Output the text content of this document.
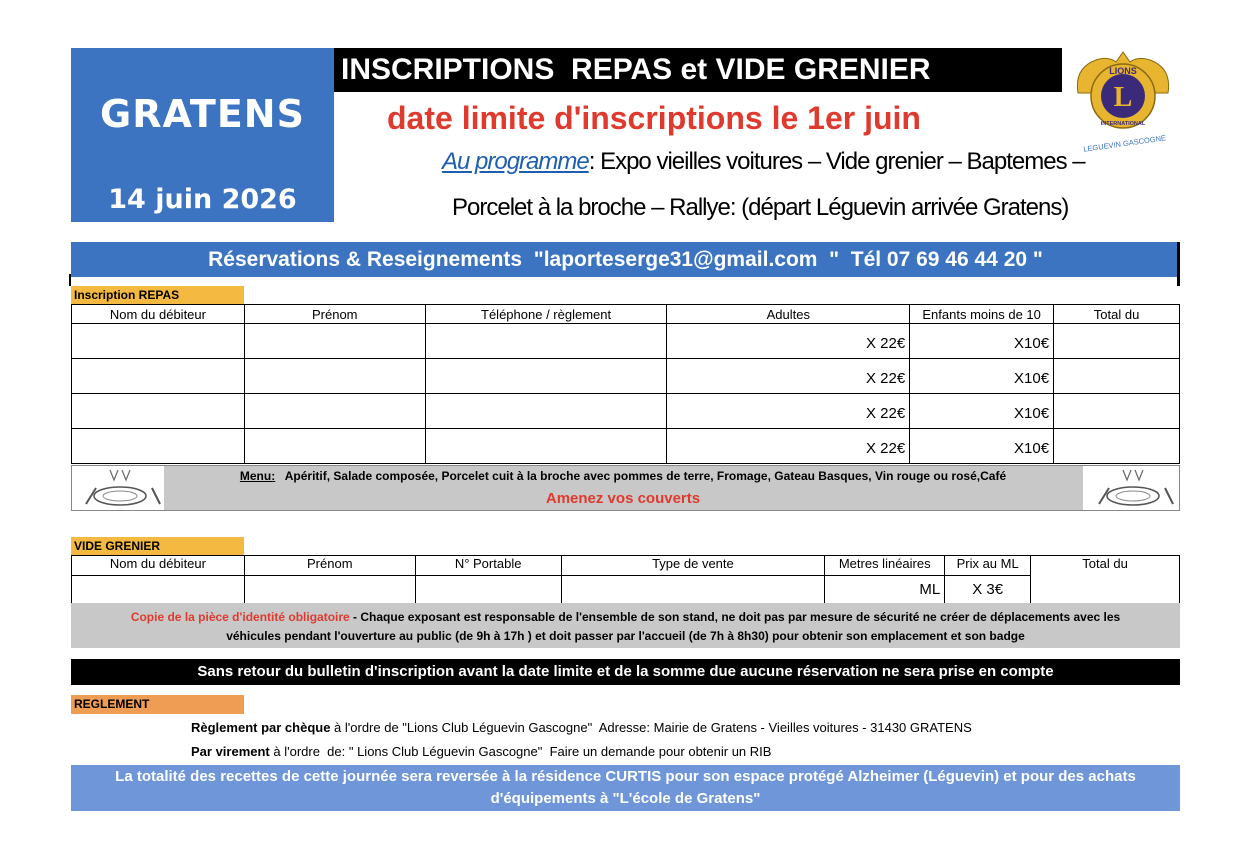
GRATENS
14 juin 2026
INSCRIPTIONS  REPAS et VIDE GRENIER
date limite d'inscriptions le 1er juin
Au programme: Expo vieilles voitures – Vide grenier – Baptemes –
Porcelet à la broche – Rallye: (départ Léguevin arrivée Gratens)
LIONS
L
INTERNATIONAL
LEGUEVIN GASCOGNE
Réservations & Reseignements  "laporteserge31@gmail.com  "  Tél 07 69 46 44 20 "
Inscription REPAS
Nom du débiteur	Prénom	Téléphone / règlement	Adultes	Enfants moins de 10	Total du
			X 22€	X10€	
			X 22€	X10€	
			X 22€	X10€	
			X 22€	X10€	
Menu:   Apéritif, Salade composée, Porcelet cuit à la broche avec pommes de terre, Fromage, Gateau Basques, Vin rouge ou rosé,Café
Amenez vos couverts
VIDE GRENIER
Nom du débiteur	Prénom	N° Portable	Type de vente	Metres linéaires	Prix au ML	Total du
				ML	X 3€	
Copie de la pièce d'identité obligatoire - Chaque exposant est responsable de l'ensemble de son stand, ne doit pas par mesure de sécurité ne créer de déplacements avec les
véhicules pendant l'ouverture au public (de 9h à 17h ) et doit passer par l'accueil (de 7h à 8h30) pour obtenir son emplacement et son badge
Sans retour du bulletin d'inscription avant la date limite et de la somme due aucune réservation ne sera prise en compte
REGLEMENT
Règlement par chèque à l'ordre de "Lions Club Léguevin Gascogne"  Adresse: Mairie de Gratens - Vieilles voitures - 31430 GRATENS
Par virement à l'ordre  de: " Lions Club Léguevin Gascogne"  Faire un demande pour obtenir un RIB
La totalité des recettes de cette journée sera reversée à la résidence CURTIS pour son espace protégé Alzheimer (Léguevin) et pour des achats
d'équipements à "L'école de Gratens"
